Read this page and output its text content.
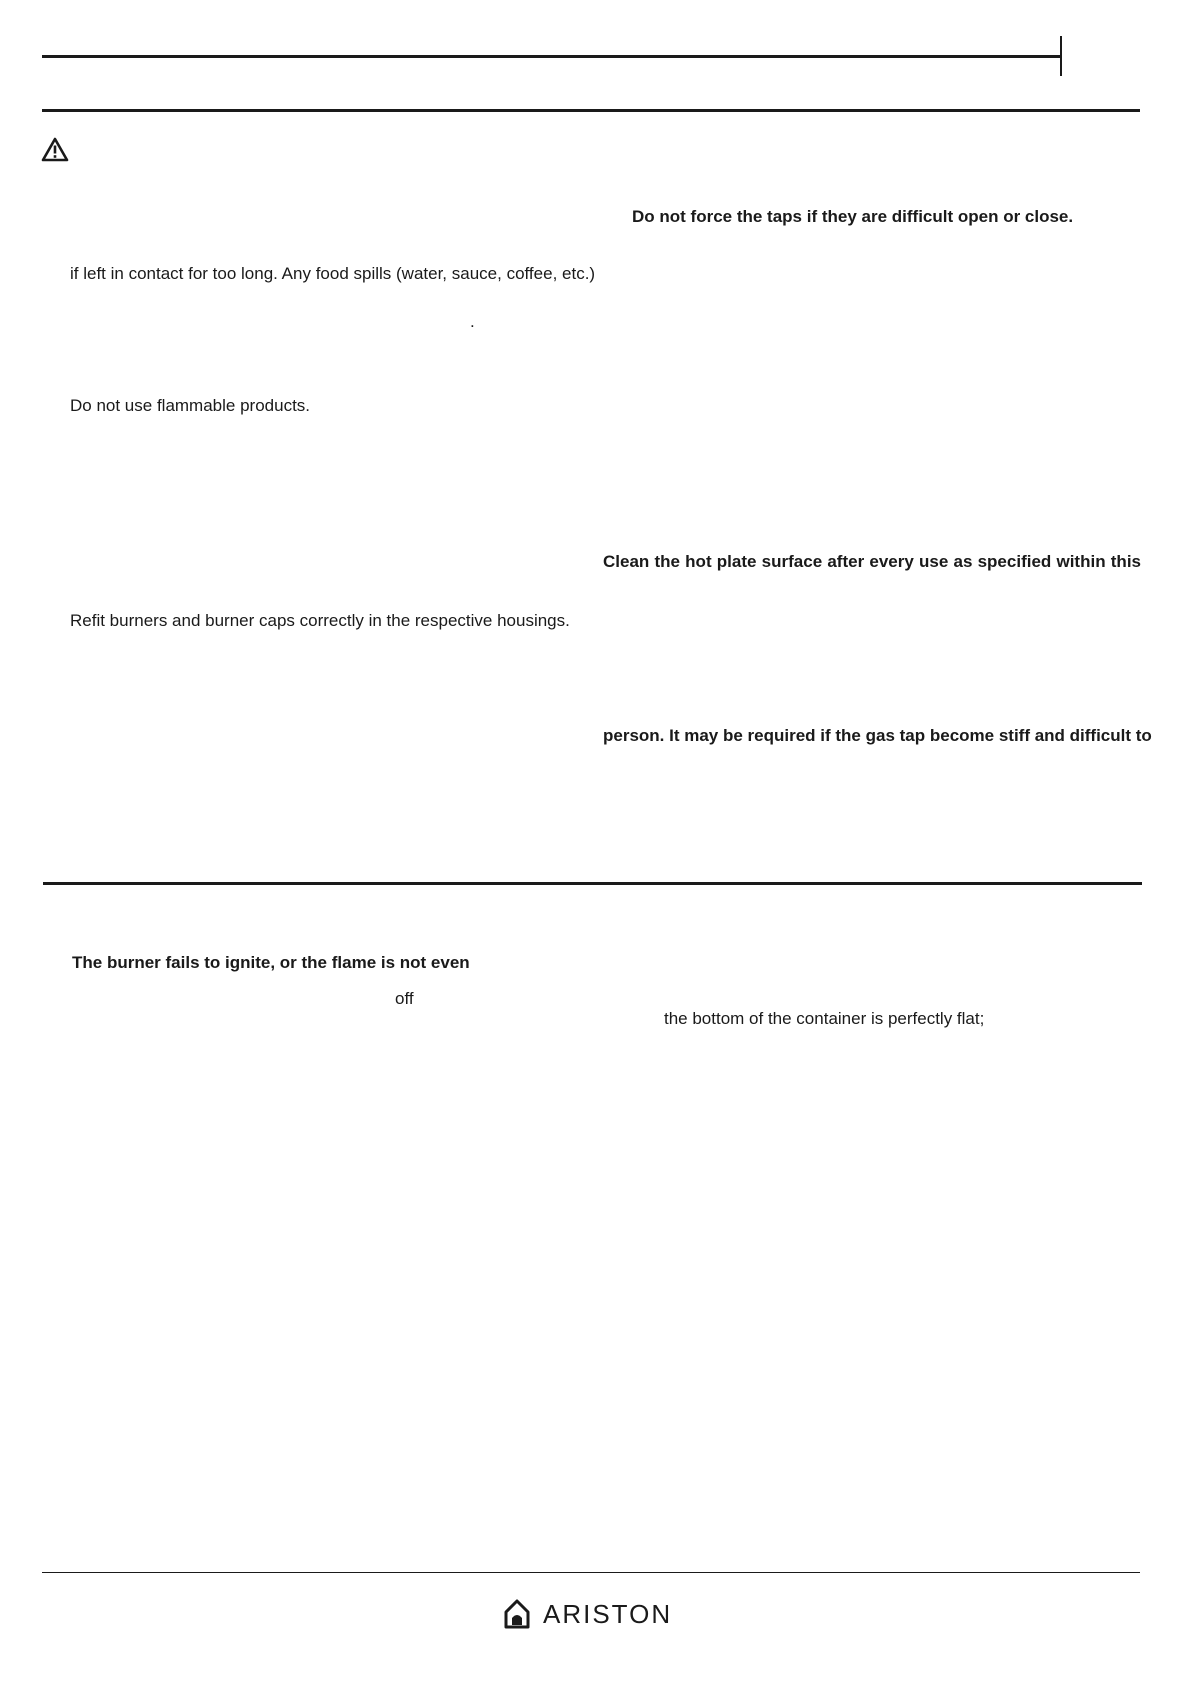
if left in contact for too long. Any food spills (water, sauce, coffee, etc.)
.
Do not use flammable products.
Refit burners and burner caps correctly in the respective housings.
Do not force the taps if they are difficult open or close.
Clean the hot plate surface after every use as specified within this
person. It may be required if the gas tap become stiff and difficult to
The burner fails to ignite, or the flame is not even
off
the bottom of the container is perfectly flat;
ARISTON
